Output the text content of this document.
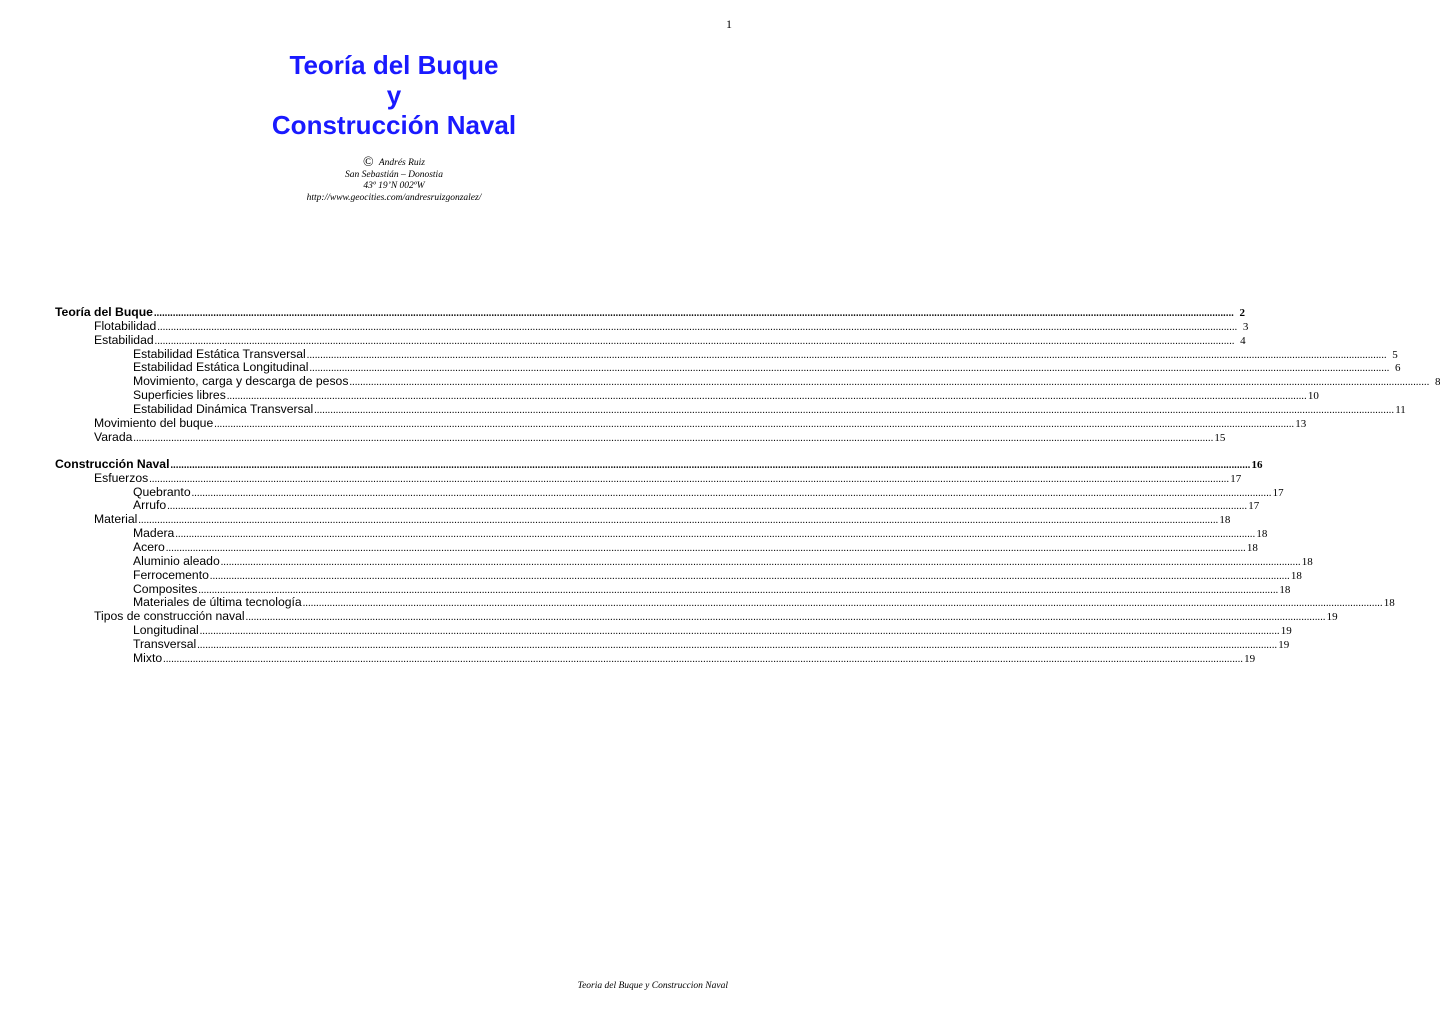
1
Teoría del Buque
y
Construcción Naval
© Andrés Ruiz
San Sebastián – Donostia
43º 19’N 002ºW
http://www.geocities.com/andresruizgonzalez/
Teoría del Buque ................................................................................................................................................................................................................................................................................................................................................................................................................ 2
Flotabilidad ................................................................................................................................................................................................................................................................................................................................................................................................................ 3
Estabilidad ................................................................................................................................................................................................................................................................................................................................................................................................................ 4
Estabilidad Estática Transversal ................................................................................................................................................................................................................................................................................................................................................................................................................ 5
Estabilidad Estática Longitudinal ................................................................................................................................................................................................................................................................................................................................................................................................................ 6
Movimiento, carga y descarga de pesos ................................................................................................................................................................................................................................................................................................................................................................................................................ 8
Superficies libres ................................................................................................................................................................................................................................................................................................................................................................................................................ 10
Estabilidad Dinámica Transversal ................................................................................................................................................................................................................................................................................................................................................................................................................ 11
Movimiento del buque ................................................................................................................................................................................................................................................................................................................................................................................................................ 13
Varada ................................................................................................................................................................................................................................................................................................................................................................................................................ 15
Construcción Naval ................................................................................................................................................................................................................................................................................................................................................................................................................ 16
Esfuerzos ................................................................................................................................................................................................................................................................................................................................................................................................................ 17
Quebranto ................................................................................................................................................................................................................................................................................................................................................................................................................ 17
Arrufo ................................................................................................................................................................................................................................................................................................................................................................................................................ 17
Material ................................................................................................................................................................................................................................................................................................................................................................................................................ 18
Madera ................................................................................................................................................................................................................................................................................................................................................................................................................ 18
Acero ................................................................................................................................................................................................................................................................................................................................................................................................................ 18
Aluminio aleado ................................................................................................................................................................................................................................................................................................................................................................................................................ 18
Ferrocemento ................................................................................................................................................................................................................................................................................................................................................................................................................ 18
Composites ................................................................................................................................................................................................................................................................................................................................................................................................................ 18
Materiales de última tecnología ................................................................................................................................................................................................................................................................................................................................................................................................................ 18
Tipos de construcción naval ................................................................................................................................................................................................................................................................................................................................................................................................................ 19
Longitudinal ................................................................................................................................................................................................................................................................................................................................................................................................................ 19
Transversal ................................................................................................................................................................................................................................................................................................................................................................................................................ 19
Mixto ................................................................................................................................................................................................................................................................................................................................................................................................................ 19
Teoria del Buque y Construccion Naval
